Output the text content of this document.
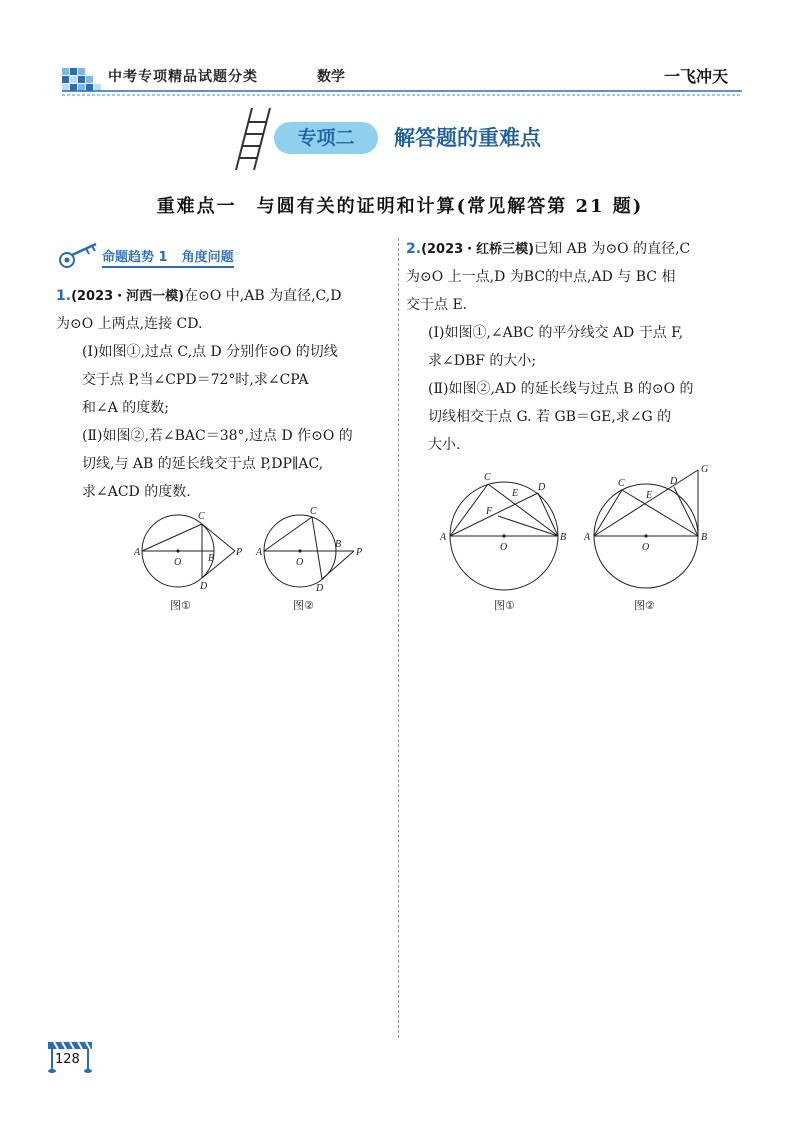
中考专项精品试题分类	数学	一飞冲天
专项二	解答题的重难点
重难点一　与圆有关的证明和计算(常见解答第 21 题)
命题趋势 1 角度问题
1.(2023・河西一模)在⊙O 中,AB 为直径,C,D
为⊙O 上两点,连接 CD.
(Ⅰ)如图①,过点 C,点 D 分别作⊙O 的切线
交于点 P,当∠CPD＝72°时,求∠CPA
和∠A 的度数;
(Ⅱ)如图②,若∠BAC＝38°,过点 D 作⊙O 的
切线,与 AB 的延长线交于点 P,DP∥AC,
求∠ACD 的度数.
2.(2023・红桥三模)已知 AB 为⊙O 的直径,C
为⊙O 上一点,D 为BC的中点,AD 与 BC 相
交于点 E.
(Ⅰ)如图①,∠ABC 的平分线交 AD 于点 F,
求∠DBF 的大小;
(Ⅱ)如图②,AD 的延长线与过点 B 的⊙O 的
切线相交于点 G. 若 GB＝GE,求∠G 的
大小.
A
C
B
P
O
D
A
C
B
P
O
D
A
C
D
E
F
B
O
A
C	D
E
G
B
O
图①	图②	图①	图②
128
